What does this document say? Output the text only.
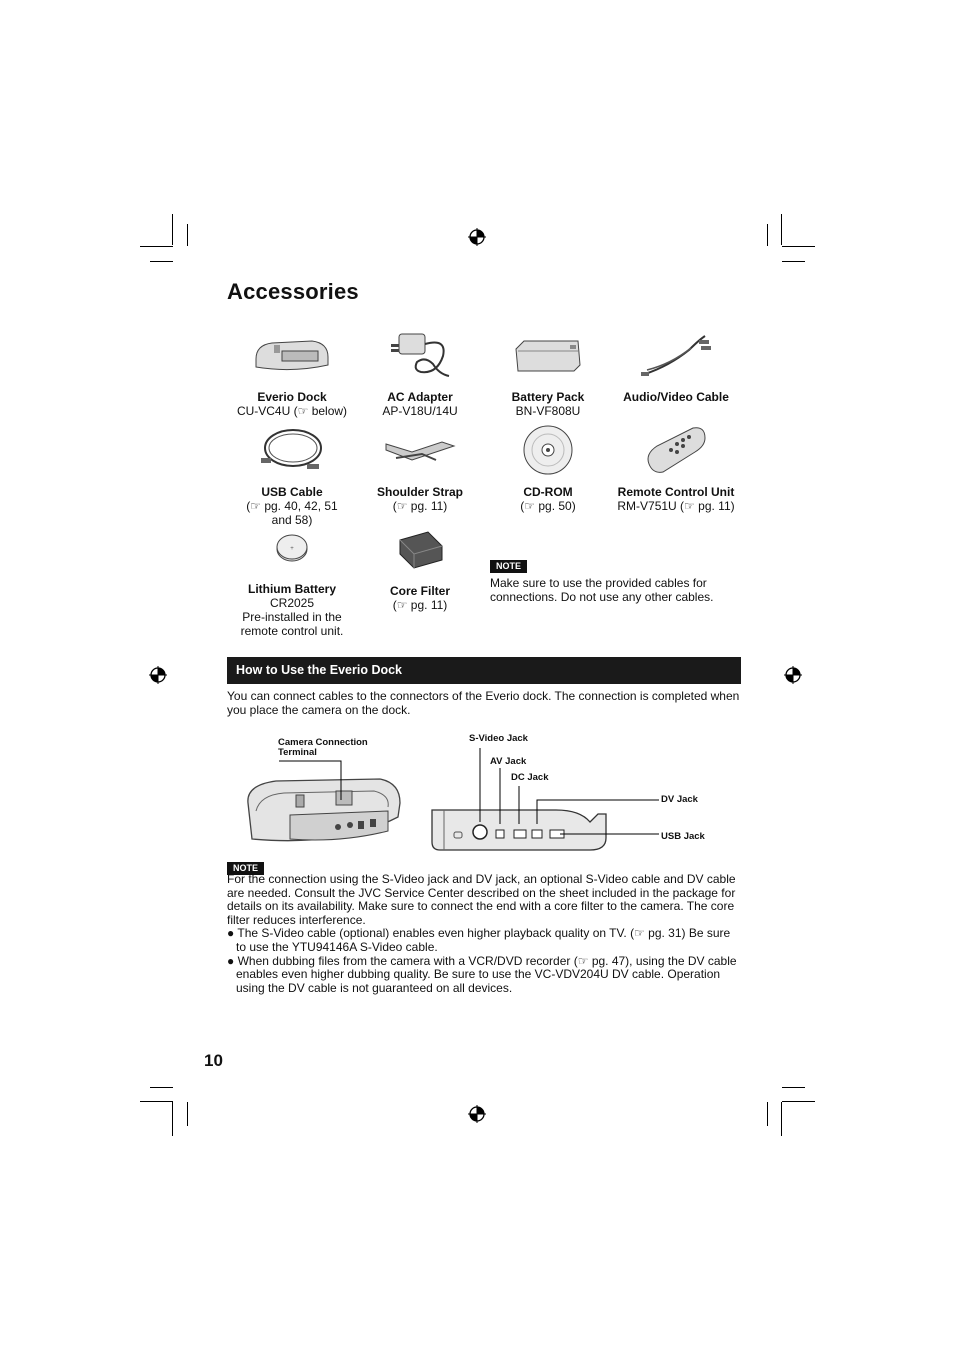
Accessories
Everio Dock
CU-VC4U (☞ below)
AC Adapter
AP-V18U/14U
Battery Pack
BN-VF808U
Audio/Video Cable
USB Cable
(☞ pg. 40, 42, 51
and 58)
Shoulder Strap
(☞ pg. 11)
CD-ROM
(☞ pg. 50)
Remote Control Unit
RM-V751U (☞ pg. 11)
+
Lithium Battery
CR2025
Pre-installed in the
remote control unit.
Core Filter
(☞ pg. 11)
NOTE
Make sure to use the provided cables for connections. Do not use any other cables.
How to Use the Everio Dock
You can connect cables to the connectors of the Everio dock. The connection is completed when you place the camera on the dock.
Camera Connection
Terminal
S-Video Jack
AV Jack
DC Jack
DV Jack
USB Jack
NOTE
For the connection using the S-Video jack and DV jack, an optional S-Video cable and DV cable are needed. Consult the JVC Service Center described on the sheet included in the package for details on its availability. Make sure to connect the end with a core filter to the camera. The core filter reduces interference.
● The S-Video cable (optional) enables even higher playback quality on TV. (☞ pg. 31) Be sure to use the YTU94146A S-Video cable.
● When dubbing files from the camera with a VCR/DVD recorder (☞ pg. 47), using the DV cable enables even higher dubbing quality. Be sure to use the VC-VDV204U DV cable. Operation using the DV cable is not guaranteed on all devices.
10
